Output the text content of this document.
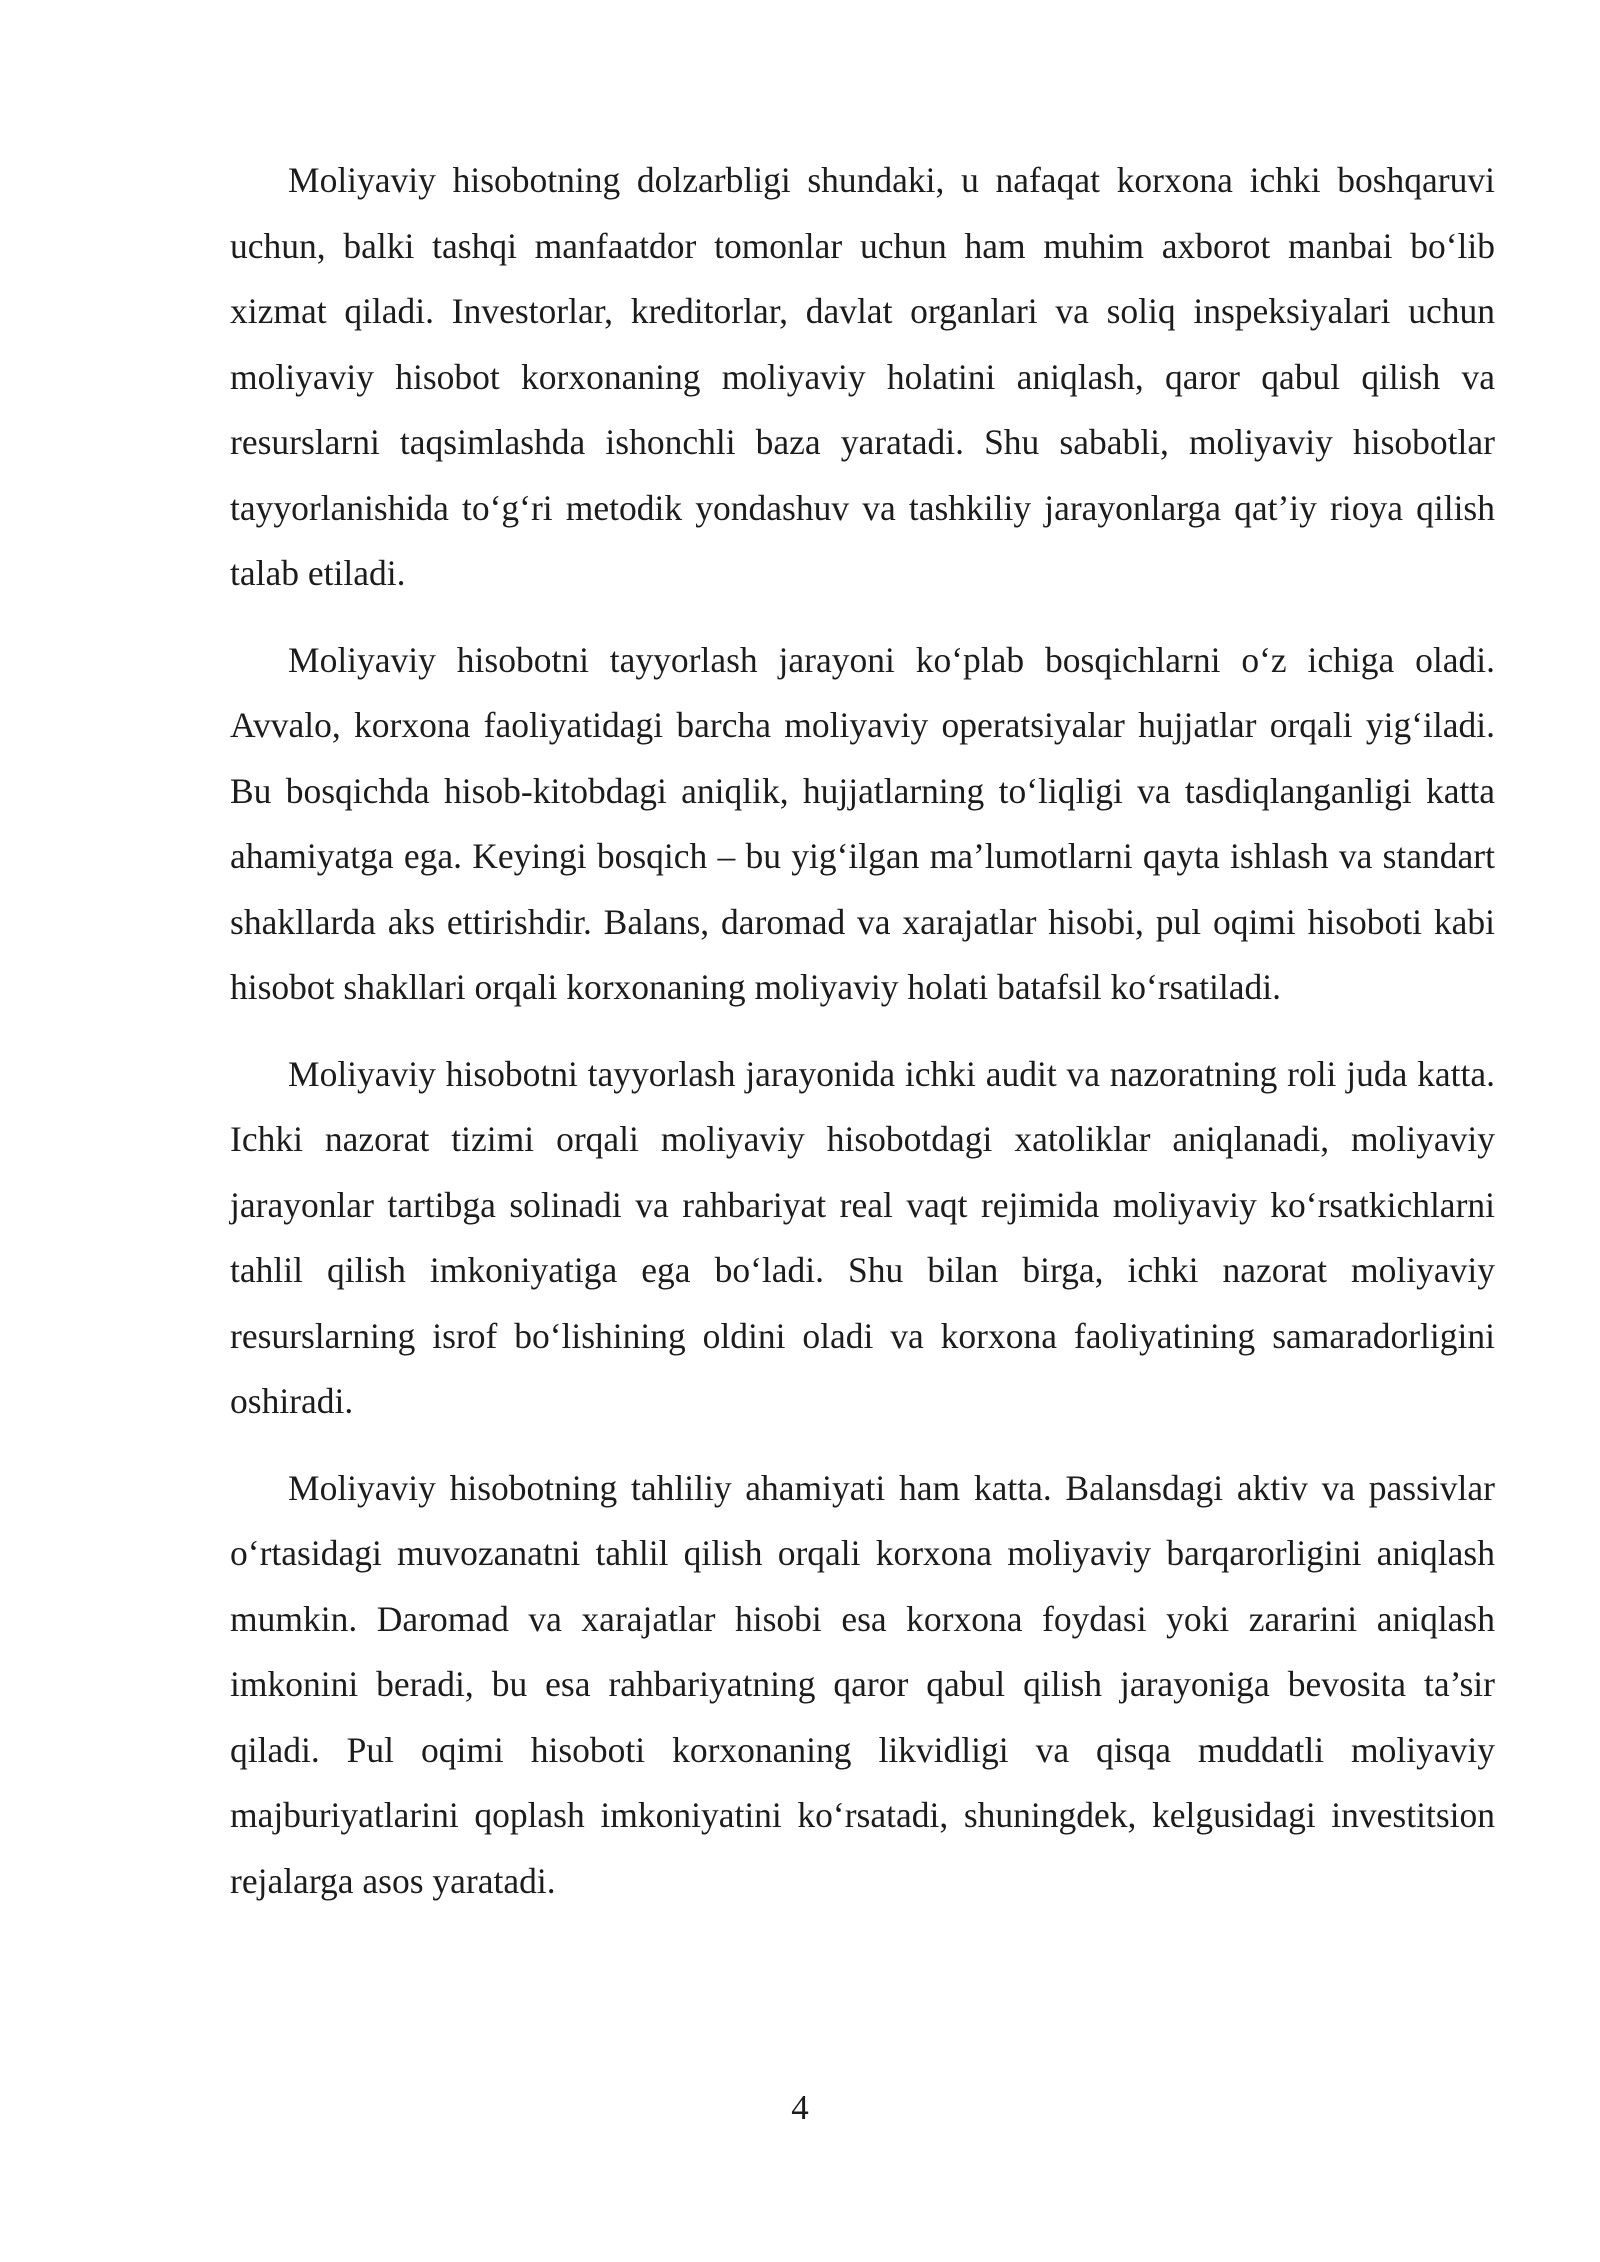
Moliyaviy hisobotning dolzarbligi shundaki, u nafaqat korxona ichki boshqaruvi uchun, balki tashqi manfaatdor tomonlar uchun ham muhim axborot manbai bo‘lib xizmat qiladi. Investorlar, kreditorlar, davlat organlari va soliq inspeksiyalari uchun moliyaviy hisobot korxonaning moliyaviy holatini aniqlash, qaror qabul qilish va resurslarni taqsimlashda ishonchli baza yaratadi. Shu sababli, moliyaviy hisobotlar tayyorlanishida to‘g‘ri metodik yondashuv va tashkiliy jarayonlarga qat’iy rioya qilish talab etiladi.

Moliyaviy hisobotni tayyorlash jarayoni ko‘plab bosqichlarni o‘z ichiga oladi. Avvalo, korxona faoliyatidagi barcha moliyaviy operatsiyalar hujjatlar orqali yig‘iladi. Bu bosqichda hisob-kitobdagi aniqlik, hujjatlarning to‘liqligi va tasdiqlanganligi katta ahamiyatga ega. Keyingi bosqich – bu yig‘ilgan ma’lumotlarni qayta ishlash va standart shakllarda aks ettirishdir. Balans, daromad va xarajatlar hisobi, pul oqimi hisoboti kabi hisobot shakllari orqali korxonaning moliyaviy holati batafsil ko‘rsatiladi.

Moliyaviy hisobotni tayyorlash jarayonida ichki audit va nazoratning roli juda katta. Ichki nazorat tizimi orqali moliyaviy hisobotdagi xatoliklar aniqlanadi, moliyaviy jarayonlar tartibga solinadi va rahbariyat real vaqt rejimida moliyaviy ko‘rsatkichlarni tahlil qilish imkoniyatiga ega bo‘ladi. Shu bilan birga, ichki nazorat moliyaviy resurslarning isrof bo‘lishining oldini oladi va korxona faoliyatining samaradorligini oshiradi.

Moliyaviy hisobotning tahliliy ahamiyati ham katta. Balansdagi aktiv va passivlar o‘rtasidagi muvozanatni tahlil qilish orqali korxona moliyaviy barqarorligini aniqlash mumkin. Daromad va xarajatlar hisobi esa korxona foydasi yoki zararini aniqlash imkonini beradi, bu esa rahbariyatning qaror qabul qilish jarayoniga bevosita ta’sir qiladi. Pul oqimi hisoboti korxonaning likvidligi va qisqa muddatli moliyaviy majburiyatlarini qoplash imkoniyatini ko‘rsatadi, shuningdek, kelgusidagi investitsion rejalarga asos yaratadi.

4
